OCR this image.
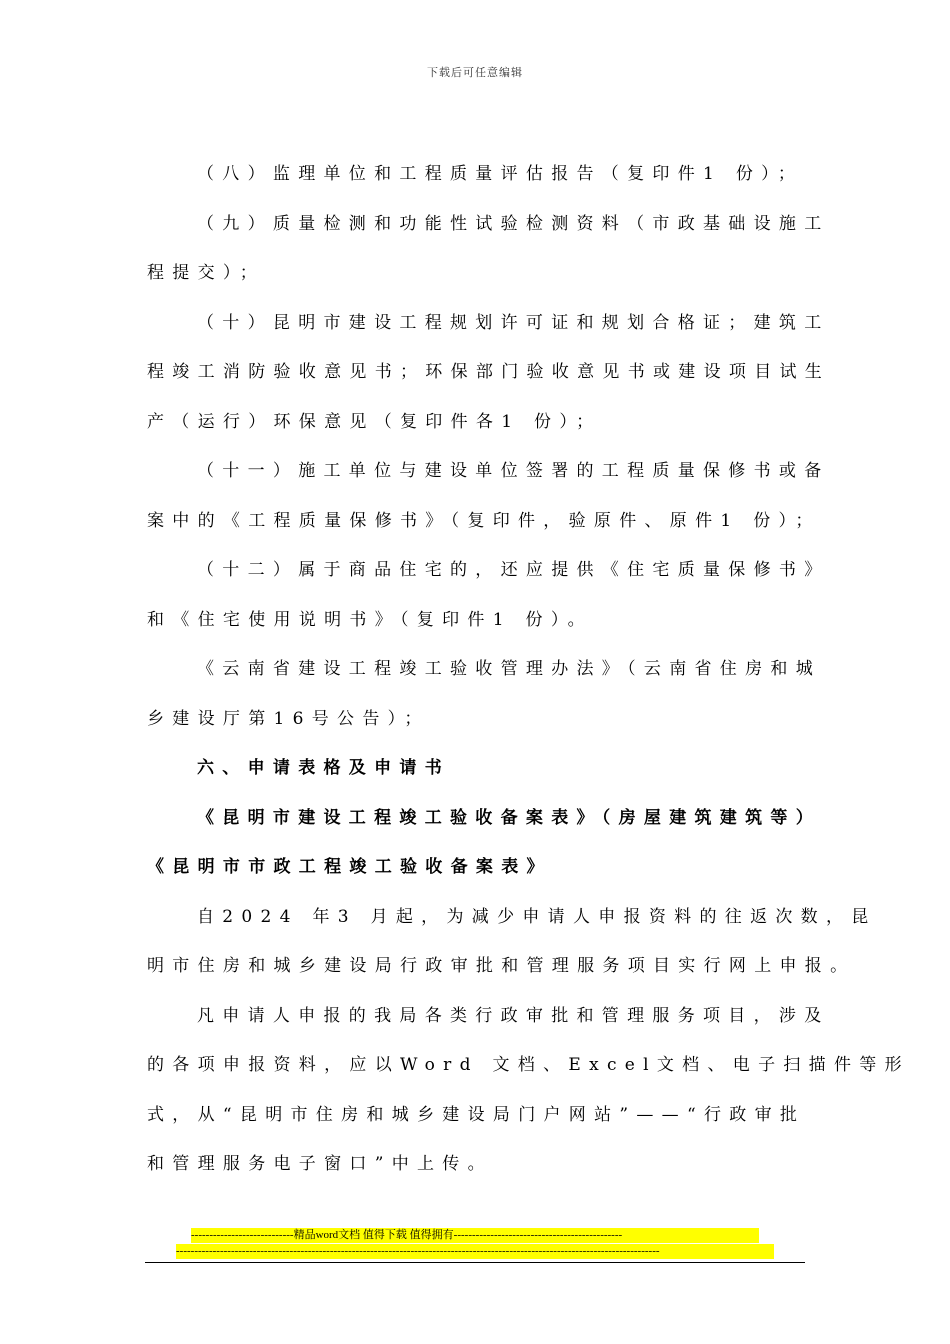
下载后可任意编辑

（八）监理单位和工程质量评估报告（复印件1 份）；

（九）质量检测和功能性试验检测资料（市政基础设施工

程提交）；

（十）昆明市建设工程规划许可证和规划合格证；建筑工

程竣工消防验收意见书；环保部门验收意见书或建设项目试生

产（运行）环保意见（复印件各1 份）；

（十一）施工单位与建设单位签署的工程质量保修书或备

案中的《工程质量保修书》（复印件，验原件、原件1 份）；

（十二）属于商品住宅的，还应提供《住宅质量保修书》

和《住宅使用说明书》（复印件1 份）。

《云南省建设工程竣工验收管理办法》（云南省住房和城

乡建设厅第16号公告）；

六、申请表格及申请书

《昆明市建设工程竣工验收备案表》（房屋建筑建筑等）

《昆明市市政工程竣工验收备案表》

自2024 年3 月起，为减少申请人申报资料的往返次数，昆

明市住房和城乡建设局行政审批和管理服务项目实行网上申报。

凡申请人申报的我局各类行政审批和管理服务项目，涉及

的各项申报资料，应以Word 文档、Excel文档、电子扫描件等形

式，从“昆明市住房和城乡建设局门户网站”——“行政审批

和管理服务电子窗口”中上传。

----------------------------精品word文档 值得下载 值得拥有----------------------------------------------
------------------------------------------------------------------------------------------------------------------------------------
